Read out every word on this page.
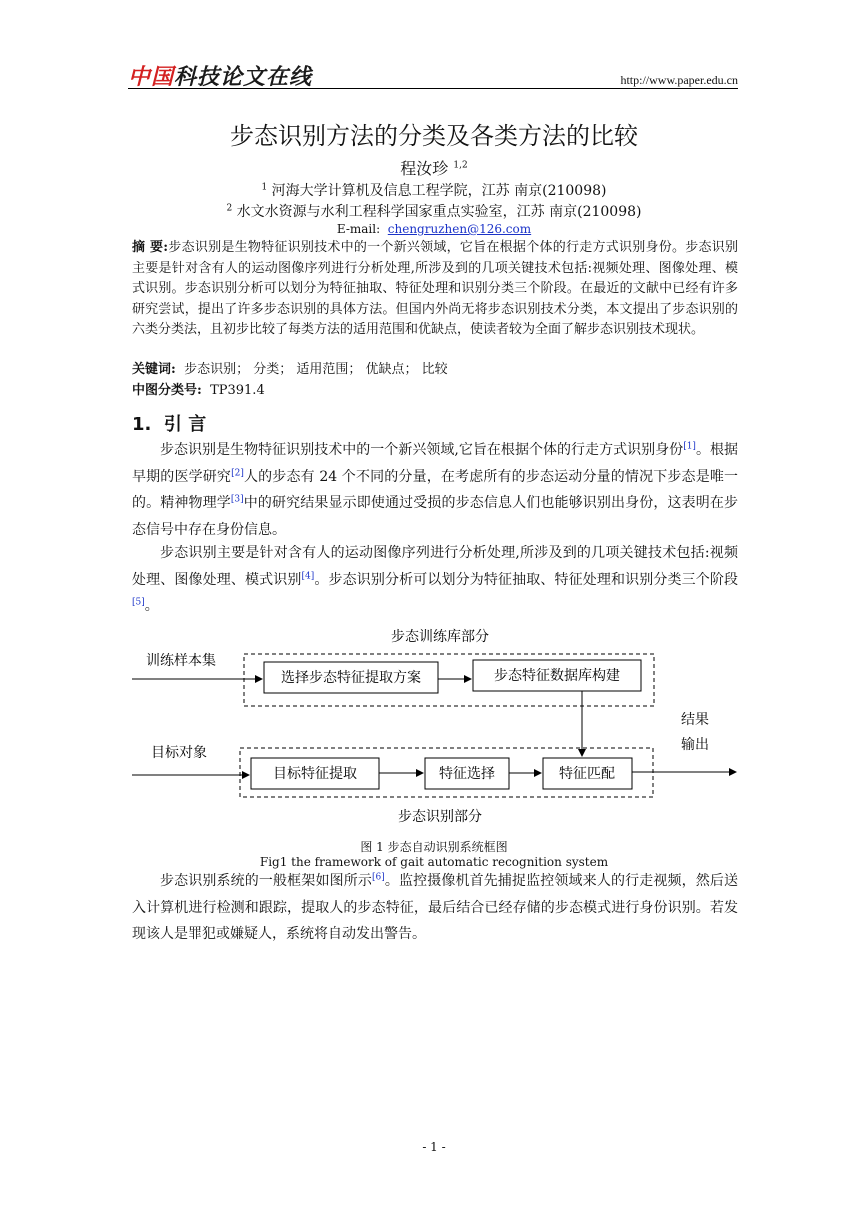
中国科技论文在线	http://www.paper.edu.cn
步态识别方法的分类及各类方法的比较
程汝珍 $^{1,2}$
$^1$ 河海大学计算机及信息工程学院，江苏 南京(210098)
$^2$ 水文水资源与水利工程科学国家重点实验室，江苏 南京(210098)
E-mail: chengruzhen@126.com
摘 要:步态识别是生物特征识别技术中的一个新兴领域，它旨在根据个体的行走方式识别身份。步态识别主要是针对含有人的运动图像序列进行分析处理,所涉及到的几项关键技术包括:视频处理、图像处理、模式识别。步态识别分析可以划分为特征抽取、特征处理和识别分类三个阶段。在最近的文献中已经有许多研究尝试，提出了许多步态识别的具体方法。但国内外尚无将步态识别技术分类，本文提出了步态识别的六类分类法，且初步比较了每类方法的适用范围和优缺点，使读者较为全面了解步态识别技术现状。
关键词: 步态识别； 分类； 适用范围； 优缺点； 比较
中图分类号: TP391.4
1. 引 言
步态识别是生物特征识别技术中的一个新兴领域,它旨在根据个体的行走方式识别身份[1]。根据早期的医学研究[2]人的步态有 24 个不同的分量，在考虑所有的步态运动分量的情况下步态是唯一的。精神物理学[3]中的研究结果显示即使通过受损的步态信息人们也能够识别出身份，这表明在步态信号中存在身份信息。
步态识别主要是针对含有人的运动图像序列进行分析处理,所涉及到的几项关键技术包括:视频处理、图像处理、模式识别[4]。步态识别分析可以划分为特征抽取、特征处理和识别分类三个阶段[5]。
步态训练库部分
训练样本集
选择步态特征提取方案	步态特征数据库构建
结果
输出
目标对象
目标特征提取	特征选择	特征匹配
步态识别部分
图 1 步态自动识别系统框图
Fig1 the framework of gait automatic recognition system
步态识别系统的一般框架如图所示[6]。监控摄像机首先捕捉监控领域来人的行走视频，然后送入计算机进行检测和跟踪，提取人的步态特征，最后结合已经存储的步态模式进行身份识别。若发现该人是罪犯或嫌疑人，系统将自动发出警告。
- 1 -
